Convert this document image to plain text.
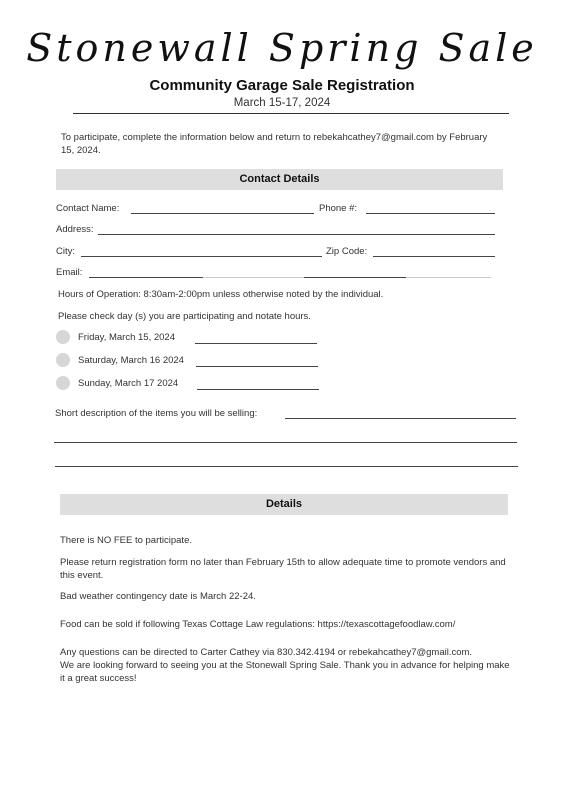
Stonewall Spring Sale
Community Garage Sale Registration
March 15-17, 2024
To participate, complete the information below and return to rebekahcathey7@gmail.com by February 15, 2024.
Contact Details
Contact Name:	Phone #:
Address:
City:	Zip Code:
Email:
Hours of Operation: 8:30am-2:00pm unless otherwise noted by the individual.
Please check day (s) you are participating and notate hours.
Friday, March 15, 2024
Saturday, March 16 2024
Sunday, March 17 2024
Short description of the items you will be selling:
Details
There is NO FEE to participate.
Please return registration form no later than February 15th to allow adequate time to promote vendors and this event.
Bad weather contingency date is March 22-24.
Food can be sold if following Texas Cottage Law regulations: https://texascottagefoodlaw.com/
Any questions can be directed to Carter Cathey via 830.342.4194 or rebekahcathey7@gmail.com.
We are looking forward to seeing you at the Stonewall Spring Sale. Thank you in advance for helping make it a great success!
